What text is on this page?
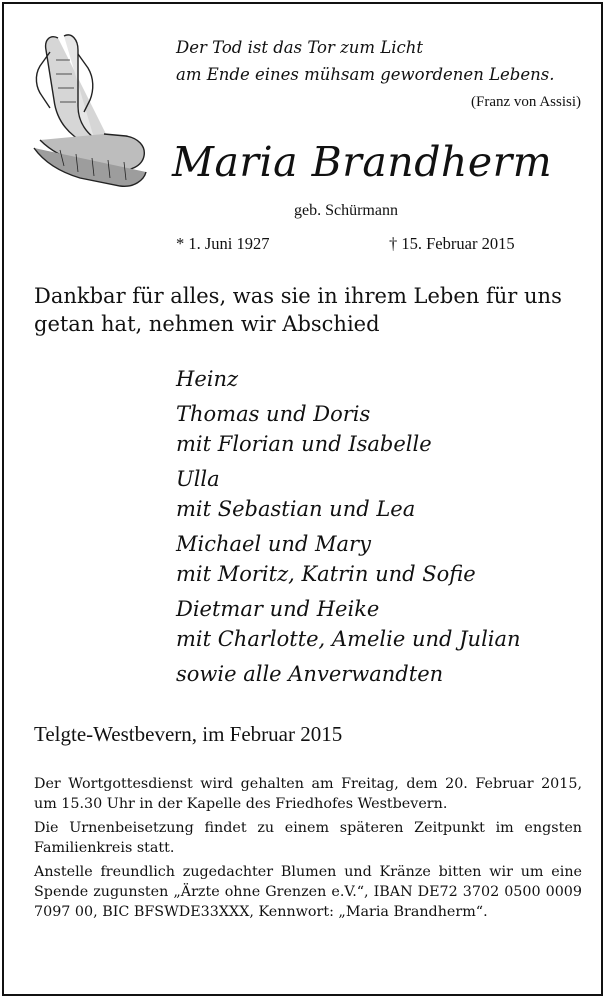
Der Tod ist das Tor zum Licht
am Ende eines mühsam gewordenen Lebens.
(Franz von Assisi)
Maria Brandherm
geb. Schürmann
* 1. Juni 1927	† 15. Februar 2015
Dankbar für alles, was sie in ihrem Leben für uns getan hat, nehmen wir Abschied
Heinz
Thomas und Doris
mit Florian und Isabelle
Ulla
mit Sebastian und Lea
Michael und Mary
mit Moritz, Katrin und Sofie
Dietmar und Heike
mit Charlotte, Amelie und Julian
sowie alle Anverwandten
Telgte-Westbevern, im Februar 2015

Der Wortgottesdienst wird gehalten am Freitag, dem 20. Februar 2015, um 15.30 Uhr in der Kapelle des Friedhofes Westbevern.

Die Urnenbeisetzung findet zu einem späteren Zeitpunkt im engsten Familienkreis statt.

Anstelle freundlich zugedachter Blumen und Kränze bitten wir um eine Spende zugunsten „Ärzte ohne Grenzen e.V.“, IBAN DE72 3702 0500 0009 7097 00, BIC BFSWDE33XXX, Kennwort: „Maria Brandherm“.
